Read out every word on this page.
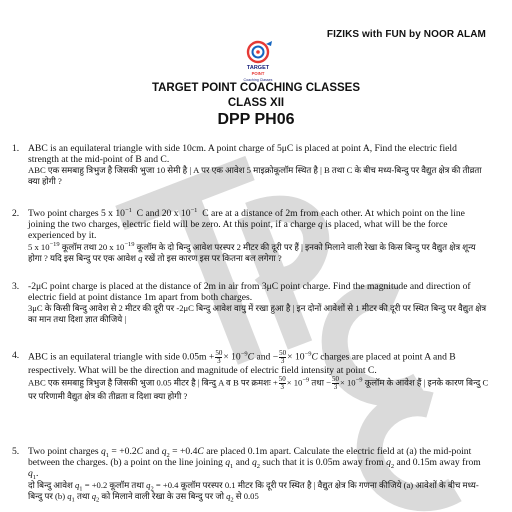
TPCC
FIZIKS with FUN by NOOR ALAM
TARGET
POINT
Coaching Classes
TARGET POINT COACHING CLASSES
CLASS XII
DPP PH06
1. ABC is an equilateral triangle with side 10cm. A point charge of 5μC is placed at point A, Find the electric field strength at the mid-point of B and C.

ABC एक समबाहु त्रिभुज है जिसकी भुजा 10 सेमी है | A पर एक आवेश 5 माइक्रोकूलॉम स्थित है | B तथा C के बीच मध्य-बिन्दु पर वैद्युत क्षेत्र की तीव्रता क्या होगी ?

2. Two point charges 5 x $10^{-1}$ C and 20 x $10^{-1}$ C are at a distance of 2m from each other. At which point on the line joining the two charges, electric field will be zero. At this point, if a charge q is placed, what will be the force experienced by it.

5 x $10^{-19}$ कूलॉम तथा 20 x $10^{-19}$ कूलॉम के दो बिन्दु आवेश परस्पर 2 मीटर की दूरी पर हैं | इनको मिलाने वाली रेखा के किस बिन्दु पर वैद्युत क्षेत्र शून्य होगा ? यदि इस बिन्दु पर एक आवेश q रखें तो इस कारण इस पर कितना बल लगेगा ?

3. -2μC point charge is placed at the distance of 2m in air from 3μC point charge. Find the magnitude and direction of electric field at point distance 1m apart from both charges.

3μC के किसी बिन्दु आवेश से 2 मीटर की दूरी पर -2μC बिन्दु आवेश वायु में रखा हुआ है | इन दोनों आवेशों से 1 मीटर की दूरी पर स्थित बिन्दु पर वैद्युत क्षेत्र का मान तथा दिशा ज्ञात कीजिये |

4. ABC is an equilateral triangle with side $0.05m + \frac{50}{3} \times 10^{-9}C$ and − $\frac{50}{3} \times 10^{-9}C$ charges are placed at point A and B respectively. What will be the direction and magnitude of electric field intensity at point C.

ABC एक समबाहु त्रिभुज है जिसकी भुजा 0.05 मीटर है | बिन्दु A व B पर क्रमशः + $\frac{50}{3} \times 10^{-9}$ तथा − $\frac{50}{3} \times 10^{-9}$ कूलॉम के आवेश हैं | इनके कारण बिन्दु C पर परिणामी वैद्युत क्षेत्र की तीव्रता व दिशा क्या होगी ?

5. Two point charges $q_1 = +0.2C$ and $q_2 = +0.4C$ are placed 0.1m apart. Calculate the electric field at (a) the mid-point between the charges. (b) a point on the line joining $q_1$ and $q_2$ such that it is 0.05m away from $q_2$ and 0.15m away from $q_1$.

दो बिन्दु आवेश $q_1 = +0.2$ कूलॉम तथा $q_2 = +0.4$ कूलॉम परस्पर 0.1 मीटर कि दूरी पर स्थित है | वैद्युत क्षेत्र कि गणना कीजिये (a) आवेशों के बीच मध्य-बिन्दु पर (b) $q_1$ तथा $q_2$ को मिलाने वाली रेखा के उस बिन्दु पर जो $q_2$ से 0.05
